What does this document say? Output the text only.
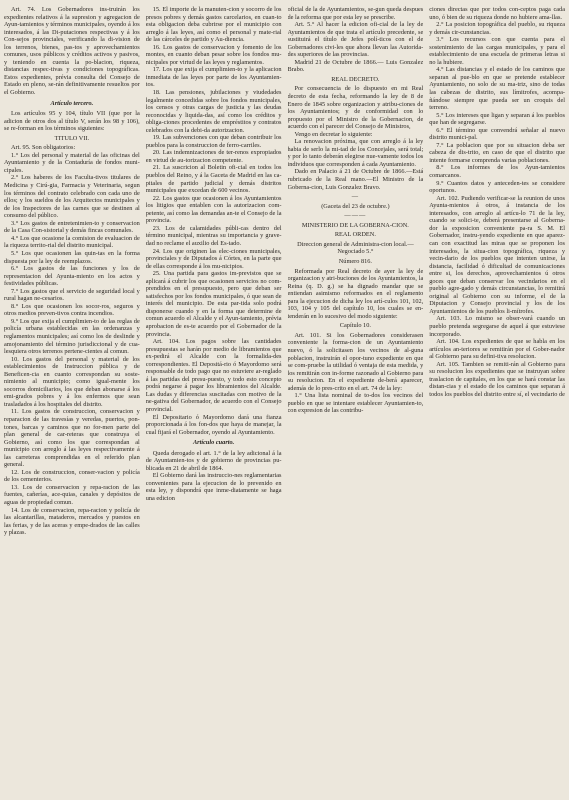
Art. 74. Los Gobernadores ins-truirán los expedientes relativos á la supresion y agregacion de Ayun-tamientos y términos municipales, oyendo á los interesados, á las Di-putaciones respectivas y á los Con-sejos provinciales, verificando la di-vision de los terrenos, bienes, pas-tos y aprovechamientos comunes, usos públicos y créditos activos y pasivos, y teniendo en cuenta la po-blacion, riqueza, distancias respec-tivas y condiciones topográficas. Estos expedientes, prévia consulta del Consejo de Estado en pleno, se-rán definitivamente resueltos por el Gobierno.

Artículo tercero.

Los artículos 95 y 104, título VII (que por la adicion de otros dos al título V, serán los 98 y 106), se re-forman en los términos siguientes:

TITULO VII.

Art. 95. Son obligatorios:

1.° Los del personal y material de las oficinas del Ayuntamiento y de la Contaduría de fondos muni-cipales.

2.° Los haberes de los Faculta-tivos titulares de Medicina y Cirú-gia, Farmacia y Veterinaria, segun los términos del contrato celebrado con cada uno de ellos; y los sueldos de los Arquitectos municipales y de los Inspectores de las carnes que se destinen al consumo del público.

3.° Los gastos de entretenimien-to y conservacion de la Casa Con-sistorial y demás fincas comunales.

4.° Los que ocasione la comision de evaluacion de la riqueza territo-rial del distrito municipal.

5.° Los que ocasionen las quin-tas en la forma dispuesta por la ley de reemplazos.

6.° Los gastos de las funciones y los de representacion del Ayunta-miento en los actos y festividades públicas.

7.° Los gastos que el servicio de seguridad local y rural hagan ne-cesarios.

8.° Los que ocasionen los socor-ros, seguros y otros medios preven-tivos contra incendios.

9.° Los que exija el cumplimien-to de las reglas de policía urbana establecidas en las ordenanzas y reglamentos municipales; así como los de deslinde y amojonamiento del término jurisdiccional y de cua-lesquiera otros terrenos pertene-cientes al comun.

10. Los gastos del personal y material de los establecimientos de Instruccion pública y de Beneficen-cia en cuanto correspondan su soste-nimiento al municipio; como igual-mente los socorros domiciliarios, los que deban abonarse á los emi-grados pobres y á los enfermos que sean trasladados á los hospitales del distrito.

11. Los gastos de construccion, conservacion y reparacion de las travesías y veredas, puertos, pon-tones, barcas y caminos que no for-men parte del plan general de car-reteras que construya el Gobierno, así como los que correspondan al municipio con arreglo á las leyes respectivamente á las carreteras comprendidas en el referido plan general.

12. Los de construccion, conser-vacion y policía de los cementerios.

13. Los de conservacion y repa-racion de las fuentes, cañerías, ace-quias, canales y depósitos de aguas de propiedad comun.

14. Los de conservacion, repa-racion y policía de las alcantarillas, mataderos, mercados y puestos en las ferias, y de las aceras y empe-drados de las calles y plazas.

15. El importe de la manuten-cion y socorro de los presos pobres y demás gastos carcelarios, en cuan-to esta obligacion deba cubrirse por el municipio con arreglo á las leyes, así como el personal y mate-rial de las cárceles de partido y Au-diencia.

16. Los gastos de conservacion y fomento de los montes, en cuanto deban pesar sobre los fondos mu-nicipales por virtud de las leyes y reglamentos.

17. Los que exija el cumplimien-to y la aplicacion inmediata de las leyes por parte de los Ayuntamien-tos.

18. Las pensiones, jubilaciones y viudedades legalmente concedidas sobre los fondos municipales, los censos y otras cargas de justicia y las deudas reconocidas y liquida-das, así como los créditos y obliga-ciones procedentes de empréstitos y contratos celebrados con la debi-da autorizacion.

19. Las subvenciones con que deban contribuir los pueblos para la construccion de ferro-carriles.

20. Las indemnizaciones de ter-renos expropiados en virtud de au-torizacion competente.

21. La suscricion al Boletin ofi-cial en todos los pueblos del Reino, y á la Gaceta de Madrid en las ca-pitales de partido judicial y demás distritos municipales que excedan de 600 vecinos.

22. Los gastos que ocasionen á los Ayuntamientos los litigios que entablen con la autorizacion com-petente, así como las demandas an-te el Consejo de la provincia.

23. Los de calamidades públi-cas dentro del término municipal, mientras su importancia y grave-dad no reclame el auxilio del Es-tado.

24. Los que originen las elec-ciones municipales, provinciales y de Diputados á Córtes, en la parte que de ellas corresponde á los mu-nicipios.

25. Una partida para gastos im-previstos que se aplicará á cubrir los que ocasionen servicios no com-prendidos en el presupuesto, pero que deban ser satisfechos por los fondos municipales, ó que sean de interés del municipio. De esta par-tida solo podrá disponerse cuando y en la forma que determine de comun acuerdo el Alcalde y el Ayun-tamiento, prévia aprobacion de es-te acuerdo por el Gobernador de la provincia.

Art. 104. Los pagos sobre las cantidades presupuestas se harán por medio de libramientos que ex-pedirá el Alcalde con la formalida-des correspondientes. El Depositá-rio ó Mayordomo será responsable de todo pago que no estuviere ar-reglado á las partidas del presu-puesto, y todo esto concepto podrá negarse á pagar los libramientos del Alcalde. Las dudas y diferencias suscitadas con motivo de la ne-gativa del Gobernador, de acuerdo con el Consejo provincial.

El Depositario ó Mayordomo dará una fianza proporcionada á los fon-dos que haya de manejar, la cual fijará el Gobernador, oyendo al Ayuntamiento.

Artículo cuarto.

Queda derogado el art. 1.° de la ley adicional á la de Ayuntamien-tos y de gobierno de provincias pu-blicada en 21 de abril de 1864.

El Gobierno dará las instruccio-nes reglamentarias convenientes para la ejecucion de lo prevenido en esta ley, y dispondrá que inme-diatamente se haga una edicion

oficial de la de Ayuntamientos, se-gun queda despues de la reforma que por esta ley se prescribe.

Art. 5.° Al hacer la edicion ofi-cial de la ley de Ayuntamientos de que trata el artículo precedente, se sustituirá el título de Jefes polí-ticos con el de Gobernadores civi-les que ahora llevan las Autorida-des superiores de las provincias.

Madrid 21 de Octubre de 1866.— Luis Gonzalez Brabo.

REAL DECRETO.

Por consecuencia de lo dispuesto en mi Real decreto de esta fecha, reformando la ley de 8 de Enero de 1845 sobre organizacion y atribu-ciones de los Ayuntamientos; y de conformidad con lo propuesto por el Ministro de la Gobernacion, de acuerdo con el parecer del Consejo de Ministros,

Vengo en decretar lo siguiente:

La renovacion próxima, que con arreglo á la ley habia de serlo la mi-tad de los Concejales, será total; y por lo tanto deberán elegirse nue-vamente todos los individuos que corresponden á cada Ayuntamiento.

Dado en Palacio á 21 de Octubre de 1866.—Está rubricado de la Real mano.—El Ministro de la Goberna-cion, Luis Gonzalez Bravo.

—

(Gaceta del 23 de octubre.)

———

MINISTERIO DE LA GOBERNA-CION.

REAL ORDEN.

Direccion general de Administra-cion local.—Negociado 5.°

Número 816.

Reformada por Real decreto de ayer la ley de organizacion y atri-buciones de los Ayuntamientos, la Reina (q. D. g.) se ha dignado mandar que se entiendan asimismo reformados en el reglamento para la ejecucion de dicha ley los artí-culos 101, 102, 103, 104 y 105 del capítulo 10, los cuales se en-tenderán en lo sucesivo del modo siguiente:

Capítulo 10.

Art. 101. Si los Gobernadores considerasen conveniente la forma-cion de un Ayuntamiento nuevo, ó la solicitasen los vecinos de al-guna poblacion, instruirán el opor-tuno expediente en que se com-pruebe la utilidad ó ventaja de esta medida, y los remitirán con in-forme razonado al Gobierno para su resolucion. En el expediente de-berá aparecer, además de lo pres-crito en el art. 74 de la ley:

1.° Una lista nominal de to-dos los vecinos del pueblo en que se intentare establecer Ayuntamien-to, con expresion de las contribu-

ciones directas que por todos con-ceptos paga cada uno, ó bien de su riqueza donde no hubiere ama-llas.

2.° La posicion topográfica del pueblo, su riqueza y demás cir-cunstancias.

3.° Los recursos con que cuenta para el sostenimiento de las cargas municipales, y para el establecimiento de una escuela de primeras letras si no la hubiere.

4.° Las distancias y el estado de los caminos que separan al pue-blo en que se pretende establecer Ayuntamiento, no solo de su ma-triz, sino de todas las cabezas de distrito, sus límitrofes, acompa-ñándose siempre que pueda ser un croquis del terreno.

5.° Los intereses que ligan y separan á los pueblos que han de segregarse.

6.° El término que convendrá señalar al nuevo distrito munici-pal.

7.° La poblacion que por su situacion deba ser cabeza de dis-trito, en caso de que el distrito que intente formarse comprenda varias poblaciones.

8.° Los informes de los Ayun-tamientos comarcanos.

9.° Cuantos datos y anteceden-tes se considere oportunos.

Art. 102. Pudiendo verificar-se la reunion de unos Ayunta-mientos á otros, á instancia de los interesados, con arreglo al artícu-lo 71 de la ley, cuando se solici-te, deberá presentarse al Goberna-dor la exposicion conveniente pa-ra S. M. El Gobernador, instru-yendo expediente en que aparez-can con exactitud las miras que se proponen los interesados, la situa-cion topográfica, riqueza y vecin-dario de los pueblos que intenten unirse, la distancia, facilidad ó dificultad de comunicaciones entre si, los derechos, aprovechamientos ú otros goces que deban conservar los vecindarios en el pueblo agre-gado y demás circunstancias, lo remitirá original al Gobierno con su informe, el de la Diputacion y Consejo provincial y los de los Ayuntamientos de los pueblos li-mítrofes.

Art. 103. Lo mismo se obser-vará cuando un pueblo pretenda segregarse de aquel á que estuviese incorporado.

Art. 104. Los expedientes de que se habla en los artículos an-teriores se remitirán por el Gober-nador al Gobierno para su defini-tiva resolucion.

Art. 105. Tambien se remiti-rán al Gobierno para su resolucion los expedientes que se instruyan sobre traslacion de capitales, en los que se hará constar las distan-cias y el estado de los caminos que separan á todos los pueblos del distrito entre sí, el vecindario de
